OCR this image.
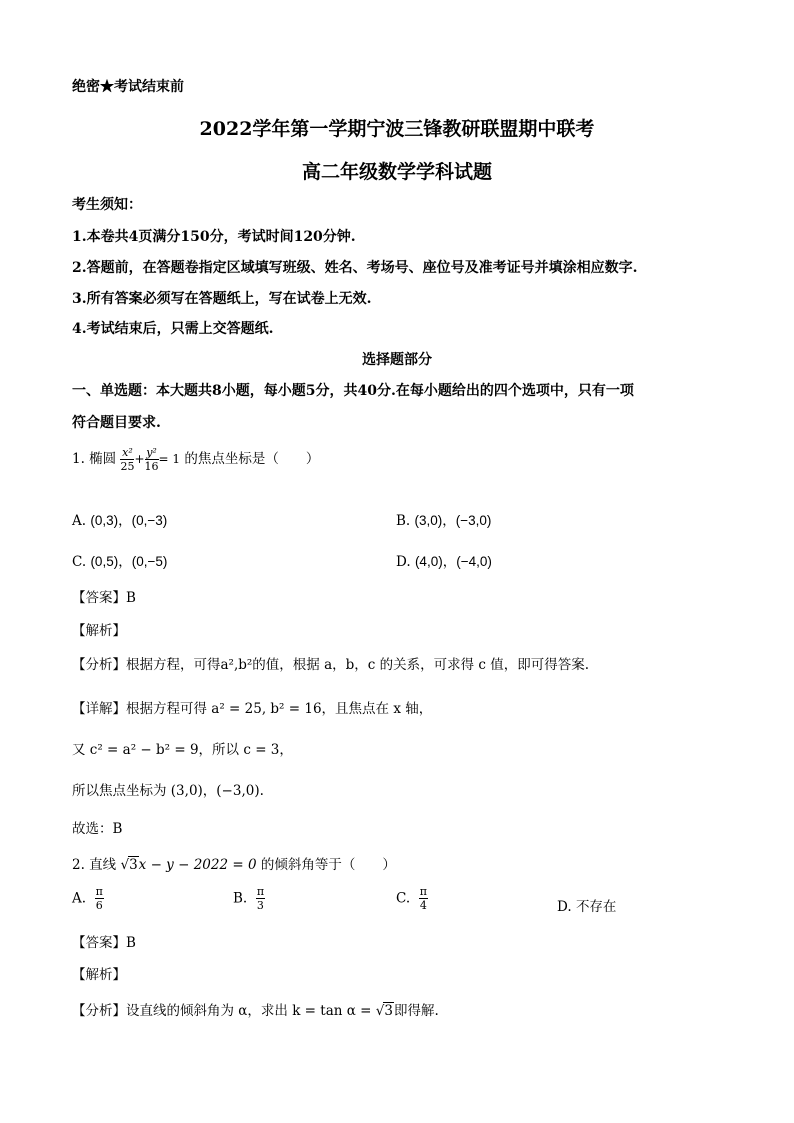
绝密★考试结束前
2022学年第一学期宁波三锋教研联盟期中联考
高二年级数学学科试题
考生须知：
1.本卷共4页满分150分，考试时间120分钟.
2.答题前，在答题卷指定区域填写班级、姓名、考场号、座位号及准考证号并填涂相应数字.
3.所有答案必须写在答题纸上，写在试卷上无效.
4.考试结束后，只需上交答题纸.
选择题部分
一、单选题：本大题共8小题，每小题5分，共40分.在每小题给出的四个选项中，只有一项
符合题目要求.
1. 椭圆 $\frac{\text{x²}}{25} + \frac{\text{y²}}{16} = 1$ 的焦点坐标是（　　）
A. (0,3)，(0,−3)	B. (3,0)，(−3,0)
C. (0,5)，(0,−5)	D. (4,0)，(−4,0)
【答案】B
【解析】
【分析】根据方程，可得a²,b²的值，根据 a，b，c 的关系，可求得 c 值，即可得答案.
【详解】根据方程可得 a² = 25, b² = 16，且焦点在 x 轴，
又 c² = a² − b² = 9，所以 c = 3，
所以焦点坐标为 (3,0)，(−3,0).
故选：B
2. 直线 √3x − y − 2022 = 0 的倾斜角等于（　　）
A. $\frac{\pi}{6}$	B. $\frac{\pi}{3}$	C. $\frac{\pi}{4}$	D. 不存在
【答案】B
【解析】
【分析】设直线的倾斜角为 α，求出 k = tan α = √3即得解.
